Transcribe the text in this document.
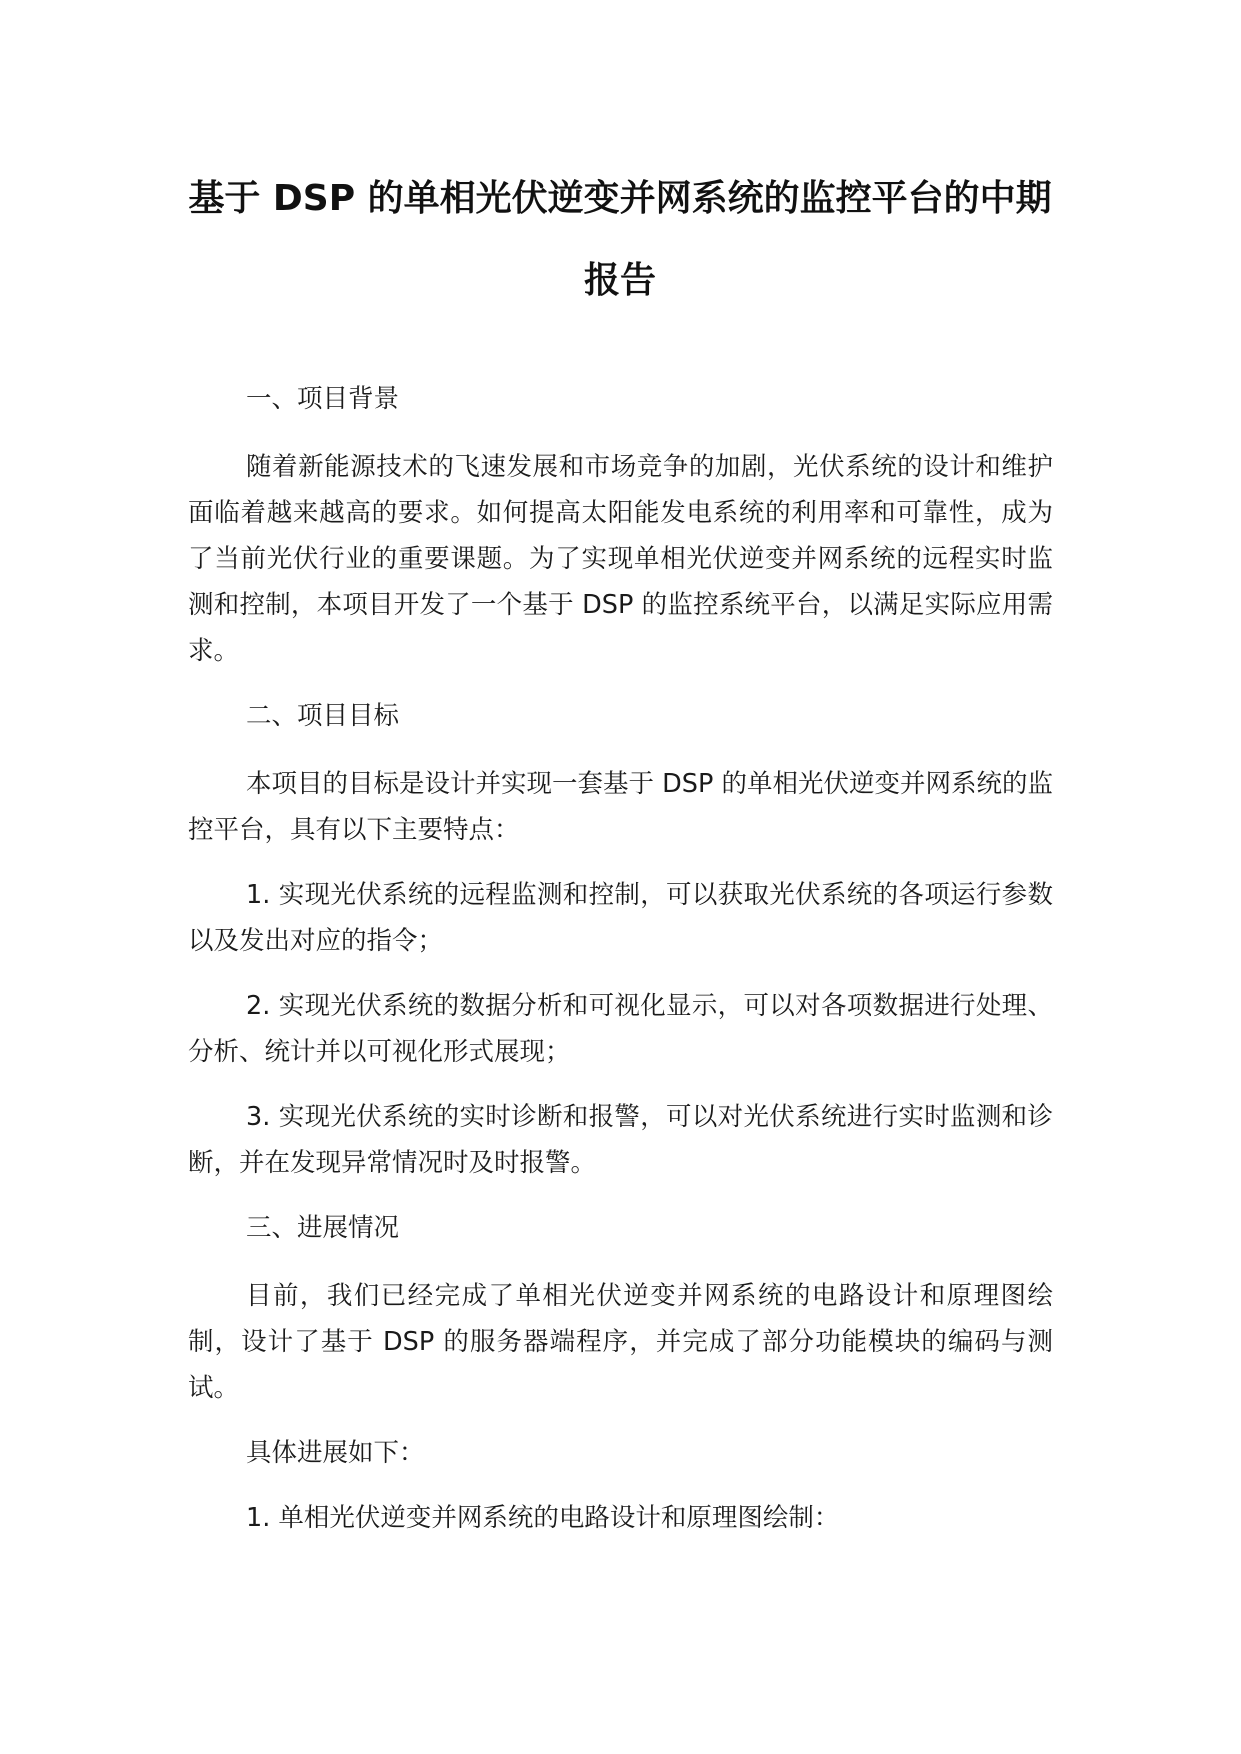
基于 DSP 的单相光伏逆变并网系统的监控平台的中期报告

一、项目背景

随着新能源技术的飞速发展和市场竞争的加剧，光伏系统的设计和维护面临着越来越高的要求。如何提高太阳能发电系统的利用率和可靠性，成为了当前光伏行业的重要课题。为了实现单相光伏逆变并网系统的远程实时监测和控制，本项目开发了一个基于 DSP 的监控系统平台，以满足实际应用需求。

二、项目目标

本项目的目标是设计并实现一套基于 DSP 的单相光伏逆变并网系统的监控平台，具有以下主要特点：

1. 实现光伏系统的远程监测和控制，可以获取光伏系统的各项运行参数以及发出对应的指令；

2. 实现光伏系统的数据分析和可视化显示，可以对各项数据进行处理、分析、统计并以可视化形式展现；

3. 实现光伏系统的实时诊断和报警，可以对光伏系统进行实时监测和诊断，并在发现异常情况时及时报警。

三、进展情况

目前，我们已经完成了单相光伏逆变并网系统的电路设计和原理图绘制，设计了基于 DSP 的服务器端程序，并完成了部分功能模块的编码与测试。

具体进展如下：

1. 单相光伏逆变并网系统的电路设计和原理图绘制：
